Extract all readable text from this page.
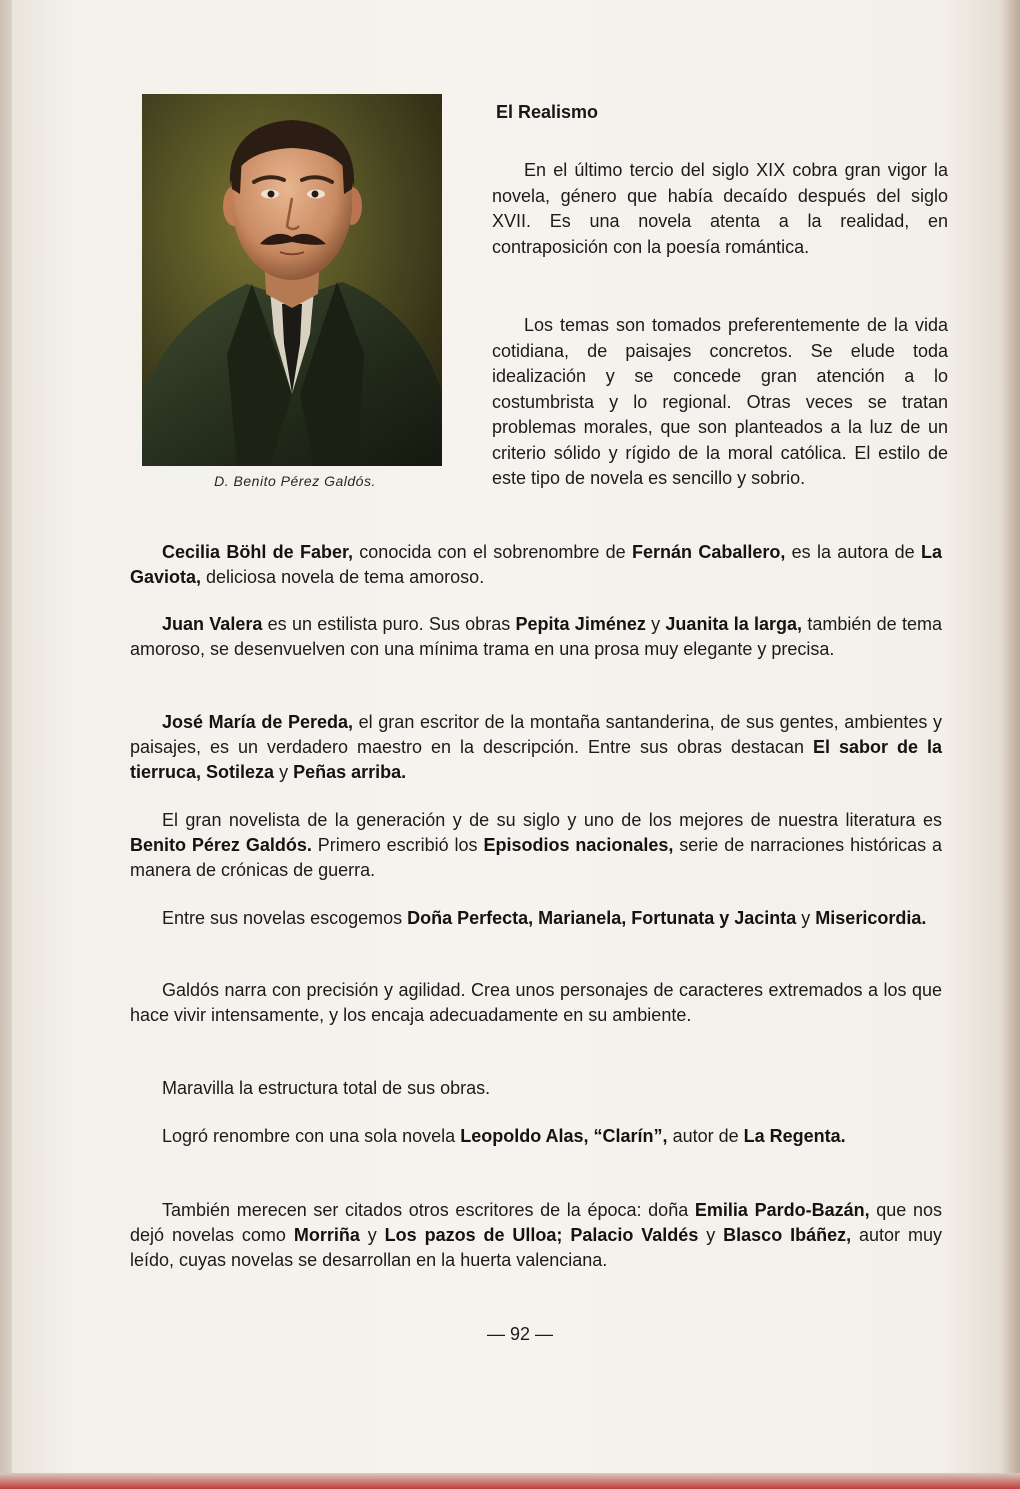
D. Benito Pérez Galdós.
El Realismo

En el último tercio del siglo XIX cobra gran vigor la novela, género que había decaído después del siglo XVII. Es una novela atenta a la realidad, en contraposición con la poesía romántica.

Los temas son tomados preferentemente de la vida cotidiana, de paisajes concretos. Se elude toda idealización y se concede gran atención a lo costumbrista y lo regional. Otras veces se tratan problemas morales, que son planteados a la luz de un criterio sólido y rígido de la moral católica. El estilo de este tipo de novela es sencillo y sobrio.

Cecilia Böhl de Faber, conocida con el sobrenombre de Fernán Caballero, es la autora de La Gaviota, deliciosa novela de tema amoroso.

Juan Valera es un estilista puro. Sus obras Pepita Jiménez y Juanita la larga, también de tema amoroso, se desenvuelven con una mínima trama en una prosa muy elegante y precisa.

José María de Pereda, el gran escritor de la montaña santanderina, de sus gentes, ambientes y paisajes, es un verdadero maestro en la descripción. Entre sus obras destacan El sabor de la tierruca, Sotileza y Peñas arriba.

El gran novelista de la generación y de su siglo y uno de los mejores de nuestra literatura es Benito Pérez Galdós. Primero escribió los Episodios nacionales, serie de narraciones históricas a manera de crónicas de guerra.

Entre sus novelas escogemos Doña Perfecta, Marianela, Fortunata y Jacinta y Misericordia.

Galdós narra con precisión y agilidad. Crea unos personajes de caracteres extremados a los que hace vivir intensamente, y los encaja adecuadamente en su ambiente.

Maravilla la estructura total de sus obras.

Logró renombre con una sola novela Leopoldo Alas, “Clarín”, autor de La Regenta.

También merecen ser citados otros escritores de la época: doña Emilia Pardo-Bazán, que nos dejó novelas como Morriña y Los pazos de Ulloa; Palacio Valdés y Blasco Ibáñez, autor muy leído, cuyas novelas se desarrollan en la huerta valenciana.

— 92 —
